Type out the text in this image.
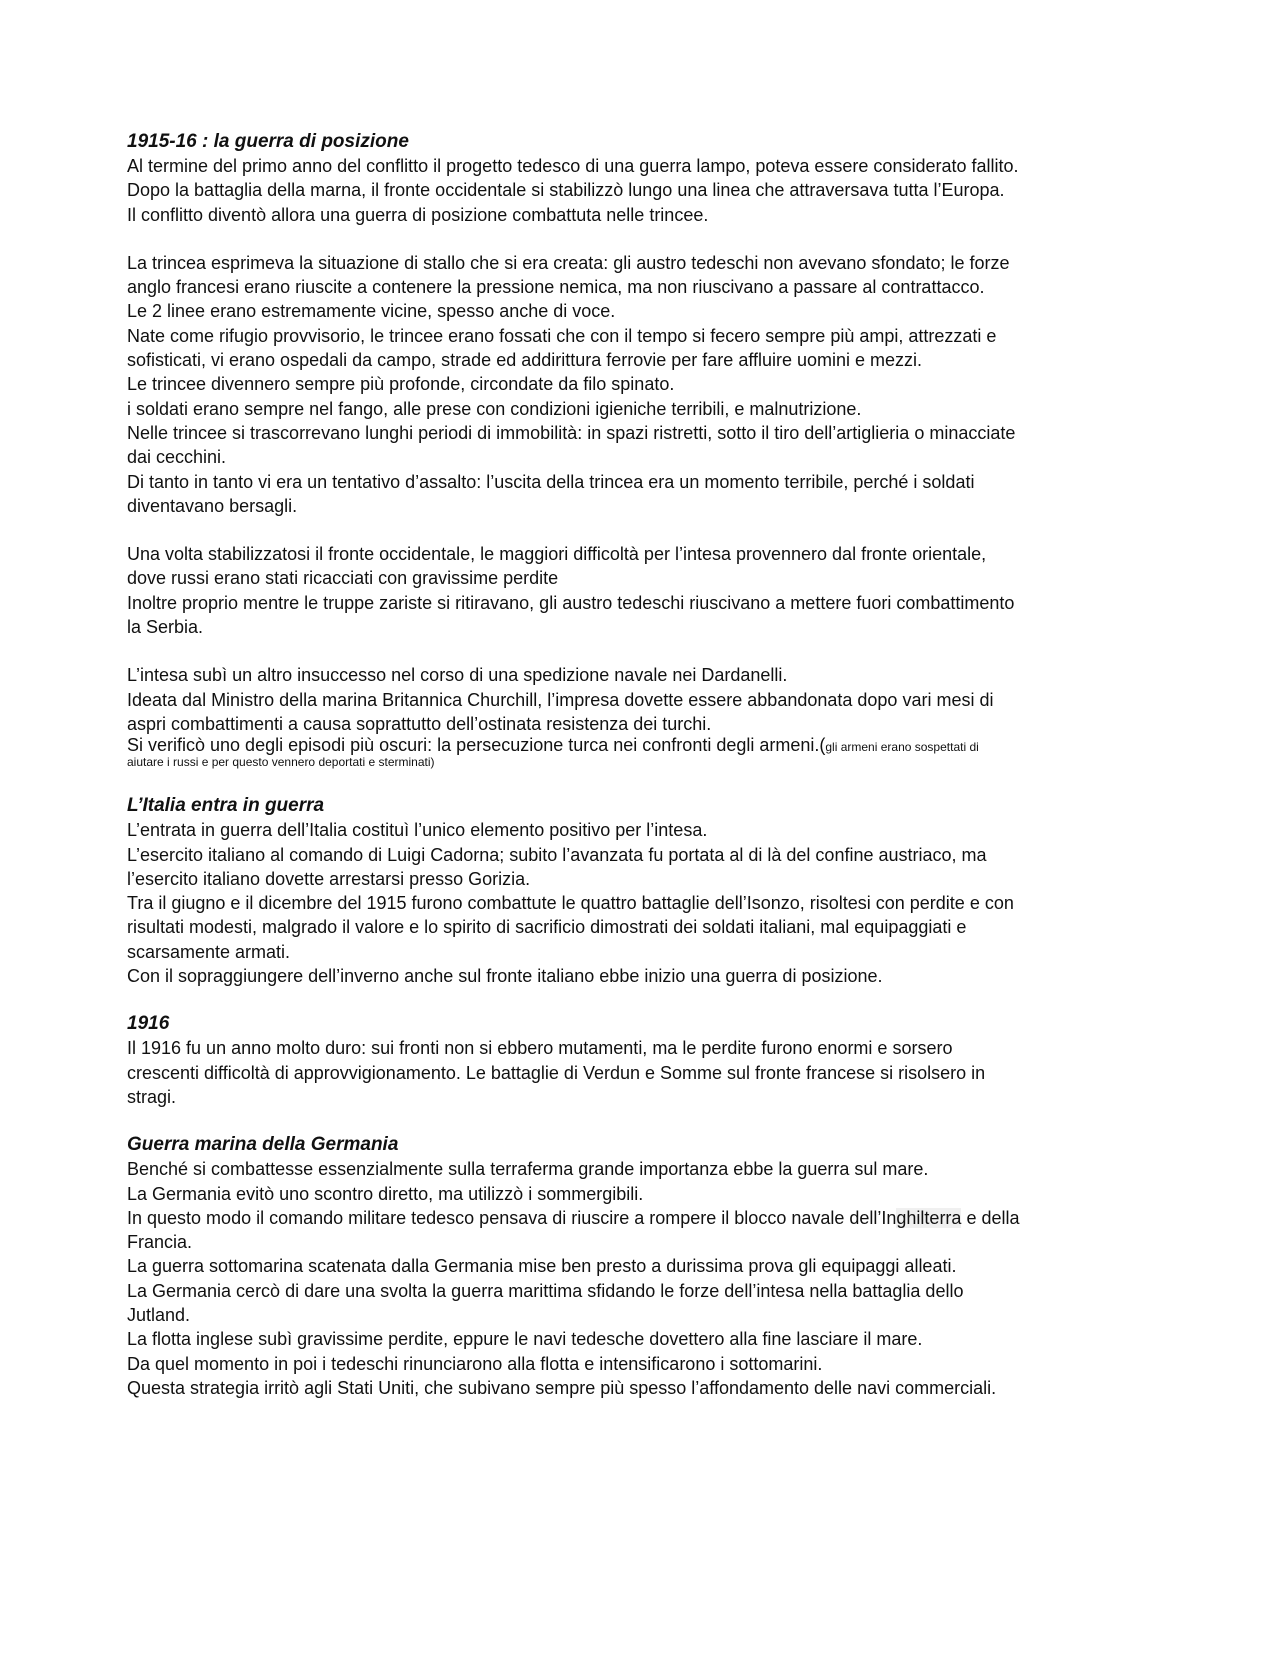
1915-16 : la guerra di posizione
Al termine del primo anno del conflitto il progetto tedesco di una guerra lampo, poteva essere considerato fallito.
Dopo la battaglia della marna, il fronte occidentale si stabilizzò lungo una linea che attraversava tutta l’Europa.
Il conflitto diventò allora una guerra di posizione combattuta nelle trincee.
La trincea esprimeva la situazione di stallo che si era creata: gli austro tedeschi non avevano sfondato; le forze
anglo francesi erano riuscite a contenere la pressione nemica, ma non riuscivano a passare al contrattacco.
Le 2 linee erano estremamente vicine, spesso anche di voce.
Nate come rifugio provvisorio, le trincee erano fossati che con il tempo si fecero sempre più ampi, attrezzati e
sofisticati, vi erano ospedali da campo, strade ed addirittura ferrovie per fare affluire uomini e mezzi.
Le trincee divennero sempre più profonde, circondate da filo spinato.
i soldati erano sempre nel fango, alle prese con condizioni igieniche terribili, e malnutrizione.
Nelle trincee si trascorrevano lunghi periodi di immobilità: in spazi ristretti, sotto il tiro dell’artiglieria o minacciate
dai cecchini.
Di tanto in tanto vi era un tentativo d’assalto: l’uscita della trincea era un momento terribile, perché i soldati
diventavano bersagli.
Una volta stabilizzatosi il fronte occidentale, le maggiori difficoltà per l’intesa provennero dal fronte orientale,
dove russi erano stati ricacciati con gravissime perdite
Inoltre proprio mentre le truppe zariste si ritiravano, gli austro tedeschi riuscivano a mettere fuori combattimento
la Serbia.
L’intesa subì un altro insuccesso nel corso di una spedizione navale nei Dardanelli.
Ideata dal Ministro della marina Britannica Churchill, l’impresa dovette essere abbandonata dopo vari mesi di
aspri combattimenti a causa soprattutto dell’ostinata resistenza dei turchi.
Si verificò uno degli episodi più oscuri: la persecuzione turca nei confronti degli armeni.(gli armeni erano sospettati di
aiutare i russi e per questo vennero deportati e sterminati)
L’Italia entra in guerra
L’entrata in guerra dell’Italia costituì l’unico elemento positivo per l’intesa.
L’esercito italiano al comando di Luigi Cadorna; subito l’avanzata fu portata al di là del confine austriaco, ma
l’esercito italiano dovette arrestarsi presso Gorizia.
Tra il giugno e il dicembre del 1915 furono combattute le quattro battaglie dell’Isonzo, risoltesi con perdite e con
risultati modesti, malgrado il valore e lo spirito di sacrificio dimostrati dei soldati italiani, mal equipaggiati e
scarsamente armati.
Con il sopraggiungere dell’inverno anche sul fronte italiano ebbe inizio una guerra di posizione.
1916
Il 1916 fu un anno molto duro: sui fronti non si ebbero mutamenti, ma le perdite furono enormi e sorsero
crescenti difficoltà di approvvigionamento. Le battaglie di Verdun e Somme sul fronte francese si risolsero in
stragi.
Guerra marina della Germania
Benché si combattesse essenzialmente sulla terraferma grande importanza ebbe la guerra sul mare.
La Germania evitò uno scontro diretto, ma utilizzò i sommergibili.
In questo modo il comando militare tedesco pensava di riuscire a rompere il blocco navale dell’Inghilterra e della
Francia.
La guerra sottomarina scatenata dalla Germania mise ben presto a durissima prova gli equipaggi alleati.
La Germania cercò di dare una svolta la guerra marittima sfidando le forze dell’intesa nella battaglia dello
Jutland.
La flotta inglese subì gravissime perdite, eppure le navi tedesche dovettero alla fine lasciare il mare.
Da quel momento in poi i tedeschi rinunciarono alla flotta e intensificarono i sottomarini.
Questa strategia irritò agli Stati Uniti, che subivano sempre più spesso l’affondamento delle navi commerciali.
